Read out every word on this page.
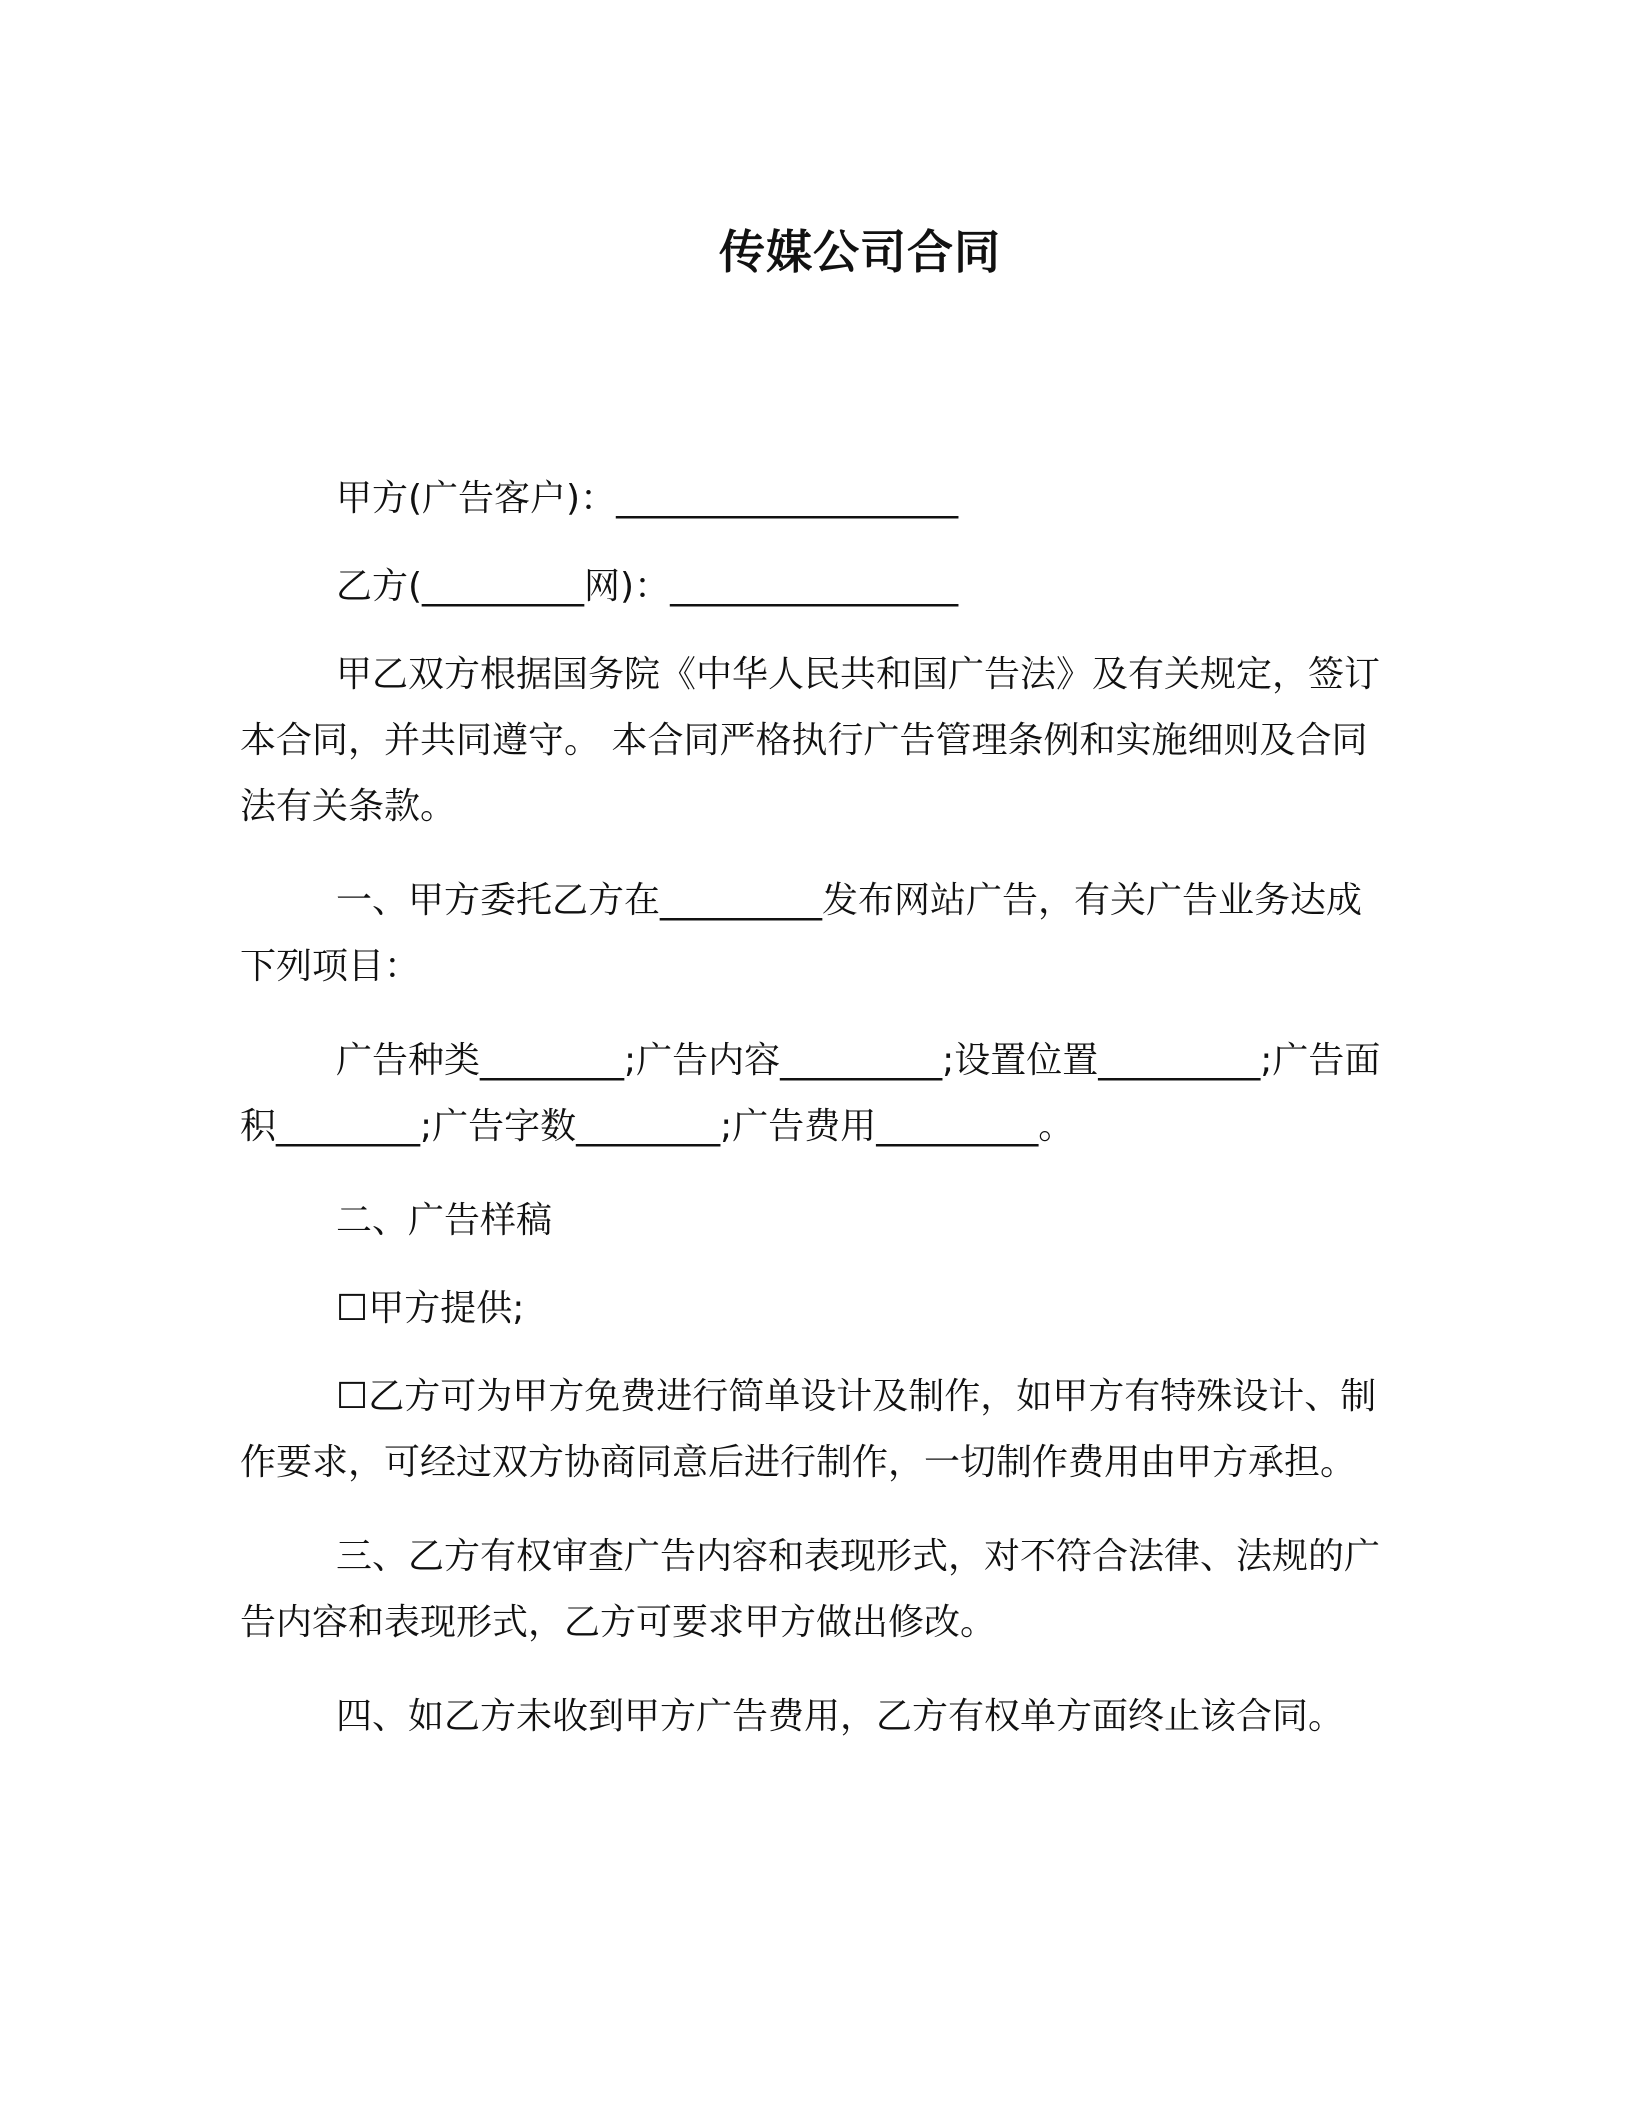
传媒公司合同

甲方(广告客户)：___________________

乙方(_________网)：________________

甲乙双方根据国务院《中华人民共和国广告法》及有关规定，签订本合同，并共同遵守。 本合同严格执行广告管理条例和实施细则及合同法有关条款。

一、甲方委托乙方在_________发布网站广告，有关广告业务达成下列项目：

广告种类________;广告内容_________;设置位置_________;广告面积________;广告字数________;广告费用_________。

二、广告样稿

☐甲方提供;

☐乙方可为甲方免费进行简单设计及制作，如甲方有特殊设计、制作要求，可经过双方协商同意后进行制作，一切制作费用由甲方承担。

三、乙方有权审查广告内容和表现形式，对不符合法律、法规的广告内容和表现形式，乙方可要求甲方做出修改。

四、如乙方未收到甲方广告费用，乙方有权单方面终止该合同。
